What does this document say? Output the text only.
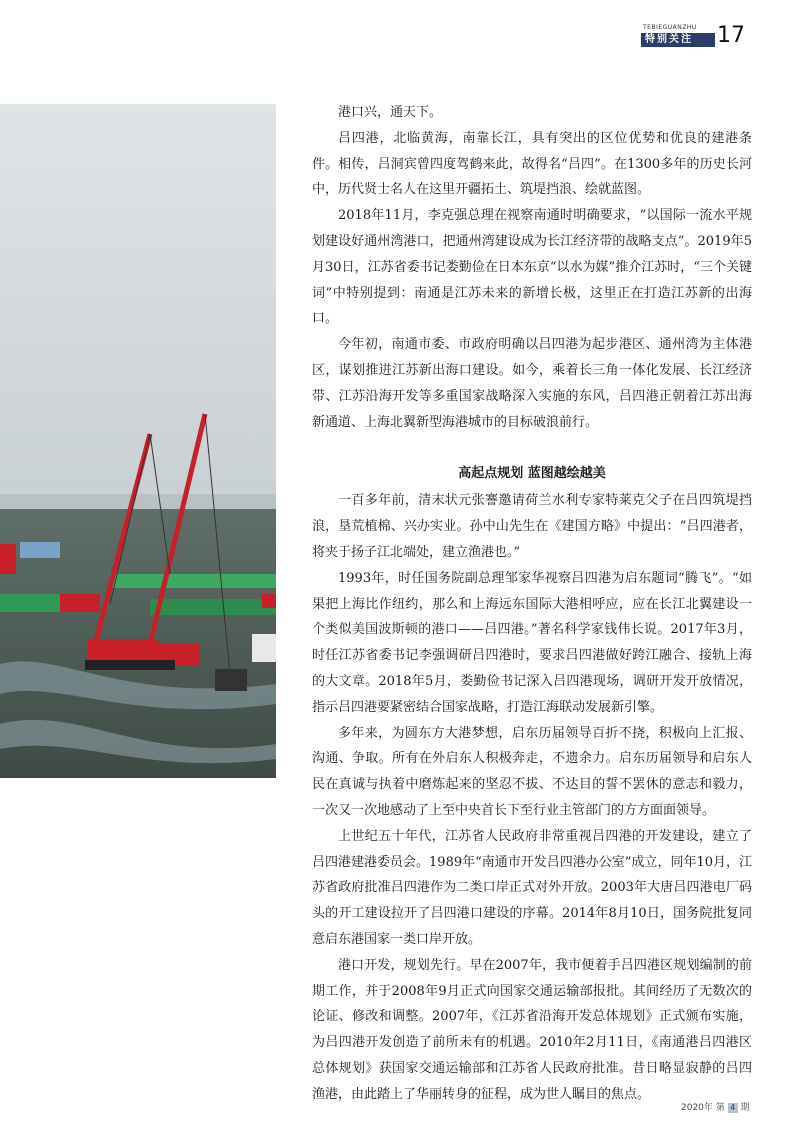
TEBIEGUANZHU
特别关注	17

港口兴，通天下。

吕四港，北临黄海，南靠长江，具有突出的区位优势和优良的建港条件。相传，吕洞宾曾四度驾鹤来此，故得名“吕四”。在1300多年的历史长河中，历代贤士名人在这里开疆拓土、筑堤挡浪、绘就蓝图。

2018年11月，李克强总理在视察南通时明确要求，“以国际一流水平规划建设好通州湾港口，把通州湾建设成为长江经济带的战略支点”。2019年5月30日，江苏省委书记娄勤俭在日本东京“以水为媒”推介江苏时，“三个关键词”中特别提到：南通是江苏未来的新增长极，这里正在打造江苏新的出海口。

今年初，南通市委、市政府明确以吕四港为起步港区、通州湾为主体港区，谋划推进江苏新出海口建设。如今，乘着长三角一体化发展、长江经济带、江苏沿海开发等多重国家战略深入实施的东风，吕四港正朝着江苏出海新通道、上海北翼新型海港城市的目标破浪前行。

高起点规划 蓝图越绘越美

一百多年前，清末状元张謇邀请荷兰水利专家特莱克父子在吕四筑堤挡浪，垦荒植棉、兴办实业。孙中山先生在《建国方略》中提出：“吕四港者，将夹于扬子江北端处，建立渔港也。”

1993年，时任国务院副总理邹家华视察吕四港为启东题词“腾飞”。“如果把上海比作纽约，那么和上海远东国际大港相呼应，应在长江北翼建设一个类似美国波斯顿的港口——吕四港。”著名科学家钱伟长说。2017年3月，时任江苏省委书记李强调研吕四港时，要求吕四港做好跨江融合、接轨上海的大文章。2018年5月，娄勤俭书记深入吕四港现场，调研开发开放情况，指示吕四港要紧密结合国家战略，打造江海联动发展新引擎。

多年来，为圆东方大港梦想，启东历届领导百折不挠，积极向上汇报、沟通、争取。所有在外启东人积极奔走，不遗余力。启东历届领导和启东人民在真诚与执着中磨炼起来的坚忍不拔、不达目的誓不罢休的意志和毅力，一次又一次地感动了上至中央首长下至行业主管部门的方方面面领导。

上世纪五十年代，江苏省人民政府非常重视吕四港的开发建设，建立了吕四港建港委员会。1989年“南通市开发吕四港办公室”成立，同年10月，江苏省政府批准吕四港作为二类口岸正式对外开放。2003年大唐吕四港电厂码头的开工建设拉开了吕四港口建设的序幕。2014年8月10日，国务院批复同意启东港国家一类口岸开放。

港口开发，规划先行。早在2007年，我市便着手吕四港区规划编制的前期工作，并于2008年9月正式向国家交通运输部报批。其间经历了无数次的论证、修改和调整。2007年，《江苏省沿海开发总体规划》正式颁布实施，为吕四港开发创造了前所未有的机遇。2010年2月11日，《南通港吕四港区总体规划》获国家交通运输部和江苏省人民政府批准。昔日略显寂静的吕四渔港，由此踏上了华丽转身的征程，成为世人瞩目的焦点。

2020年 第 4 期
